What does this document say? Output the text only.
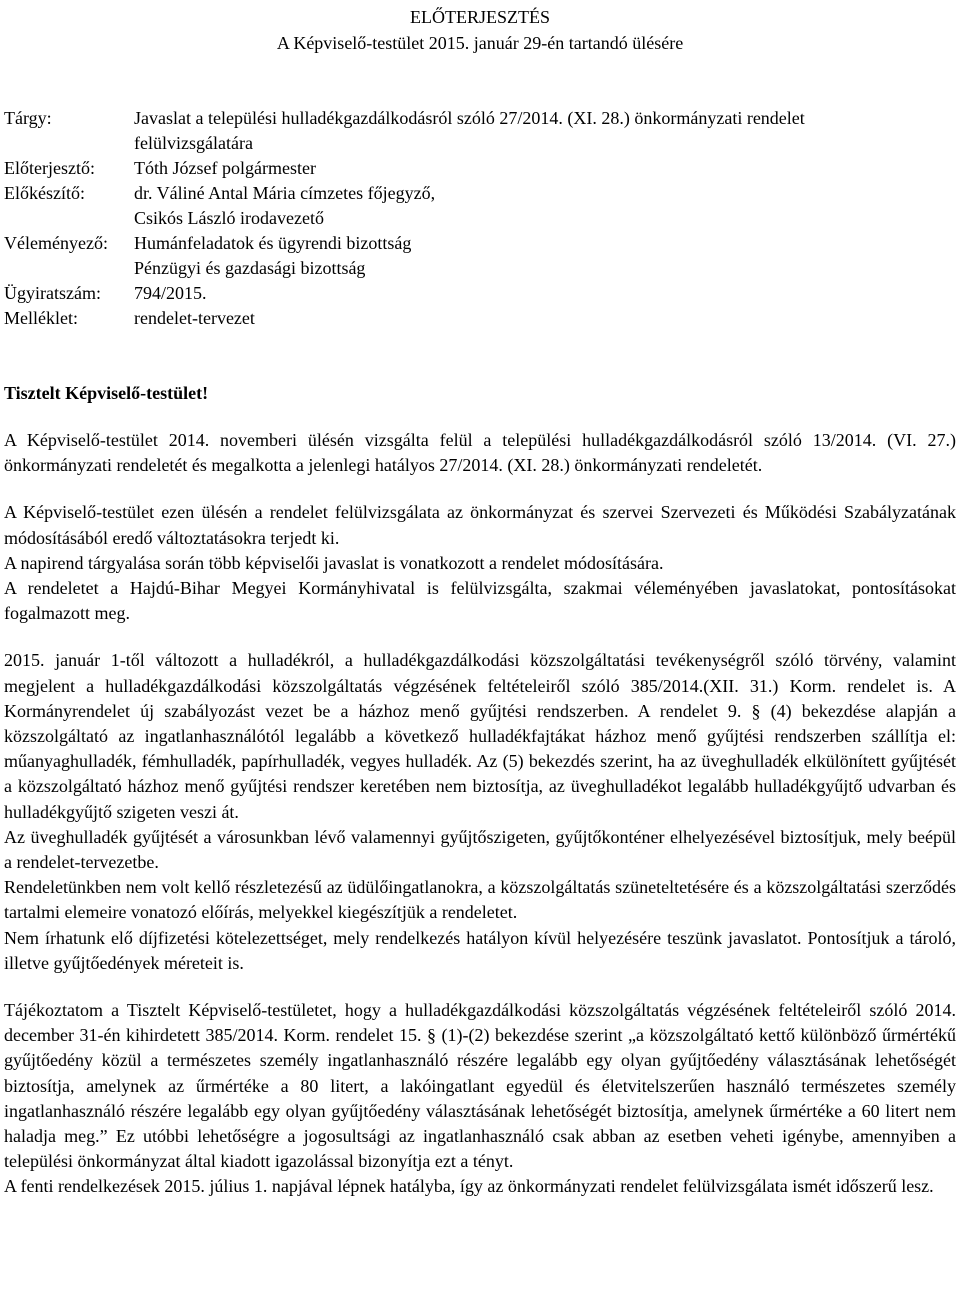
ELŐTERJESZTÉS
A Képviselő-testület 2015. január 29-én tartandó ülésére
Tárgy:	Javaslat a települési hulladékgazdálkodásról szóló 27/2014. (XI. 28.) önkormányzati rendelet
felülvizsgálatára
Előterjesztő: Tóth József polgármester
Előkészítő:	dr. Váliné Antal Mária címzetes főjegyző,
Csikós László irodavezető
Véleményező: Humánfeladatok és ügyrendi bizottság
Pénzügyi és gazdasági bizottság
Ügyiratszám: 794/2015.
Melléklet:	rendelet-tervezet
Tisztelt Képviselő-testület!

A Képviselő-testület 2014. novemberi ülésén vizsgálta felül a települési hulladékgazdálkodásról szóló 13/2014. (VI. 27.) önkormányzati rendeletét és megalkotta a jelenlegi hatályos 27/2014. (XI. 28.) önkormányzati rendeletét.

A Képviselő-testület ezen ülésén a rendelet felülvizsgálata az önkormányzat és szervei Szervezeti és Működési Szabályzatának módosításából eredő változtatásokra terjedt ki.

A napirend tárgyalása során több képviselői javaslat is vonatkozott a rendelet módosítására.

A rendeletet a Hajdú-Bihar Megyei Kormányhivatal is felülvizsgálta, szakmai véleményében javaslatokat, pontosításokat fogalmazott meg.

2015. január 1-től változott a hulladékról, a hulladékgazdálkodási közszolgáltatási tevékenységről szóló törvény, valamint megjelent a hulladékgazdálkodási közszolgáltatás végzésének feltételeiről szóló 385/2014.(XII. 31.) Korm. rendelet is. A Kormányrendelet új szabályozást vezet be a házhoz menő gyűjtési rendszerben. A rendelet 9. § (4) bekezdése alapján a közszolgáltató az ingatlanhasználótól legalább a következő hulladékfajtákat házhoz menő gyűjtési rendszerben szállítja el: műanyaghulladék, fémhulladék, papírhulladék, vegyes hulladék. Az (5) bekezdés szerint, ha az üveghulladék elkülönített gyűjtését a közszolgáltató házhoz menő gyűjtési rendszer keretében nem biztosítja, az üveghulladékot legalább hulladékgyűjtő udvarban és hulladékgyűjtő szigeten veszi át.

Az üveghulladék gyűjtését a városunkban lévő valamennyi gyűjtőszigeten, gyűjtőkonténer elhelyezésével biztosítjuk, mely beépül a rendelet-tervezetbe.

Rendeletünkben nem volt kellő részletezésű az üdülőingatlanokra, a közszolgáltatás szüneteltetésére és a közszolgáltatási szerződés tartalmi elemeire vonatozó előírás, melyekkel kiegészítjük a rendeletet.

Nem írhatunk elő díjfizetési kötelezettséget, mely rendelkezés hatályon kívül helyezésére teszünk javaslatot. Pontosítjuk a tároló, illetve gyűjtőedények méreteit is.

Tájékoztatom a Tisztelt Képviselő-testületet, hogy a hulladékgazdálkodási közszolgáltatás végzésének feltételeiről szóló 2014. december 31-én kihirdetett 385/2014. Korm. rendelet 15. § (1)-(2) bekezdése szerint „a közszolgáltató kettő különböző űrmértékű gyűjtőedény közül a természetes személy ingatlanhasználó részére legalább egy olyan gyűjtőedény választásának lehetőségét biztosítja, amelynek az űrmértéke a 80 litert, a lakóingatlant egyedül és életvitelszerűen használó természetes személy ingatlanhasználó részére legalább egy olyan gyűjtőedény választásának lehetőségét biztosítja, amelynek űrmértéke a 60 litert nem haladja meg.” Ez utóbbi lehetőségre a jogosultsági az ingatlanhasználó csak abban az esetben veheti igénybe, amennyiben a települési önkormányzat által kiadott igazolással bizonyítja ezt a tényt.

A fenti rendelkezések 2015. július 1. napjával lépnek hatályba, így az önkormányzati rendelet felülvizsgálata ismét időszerű lesz.
